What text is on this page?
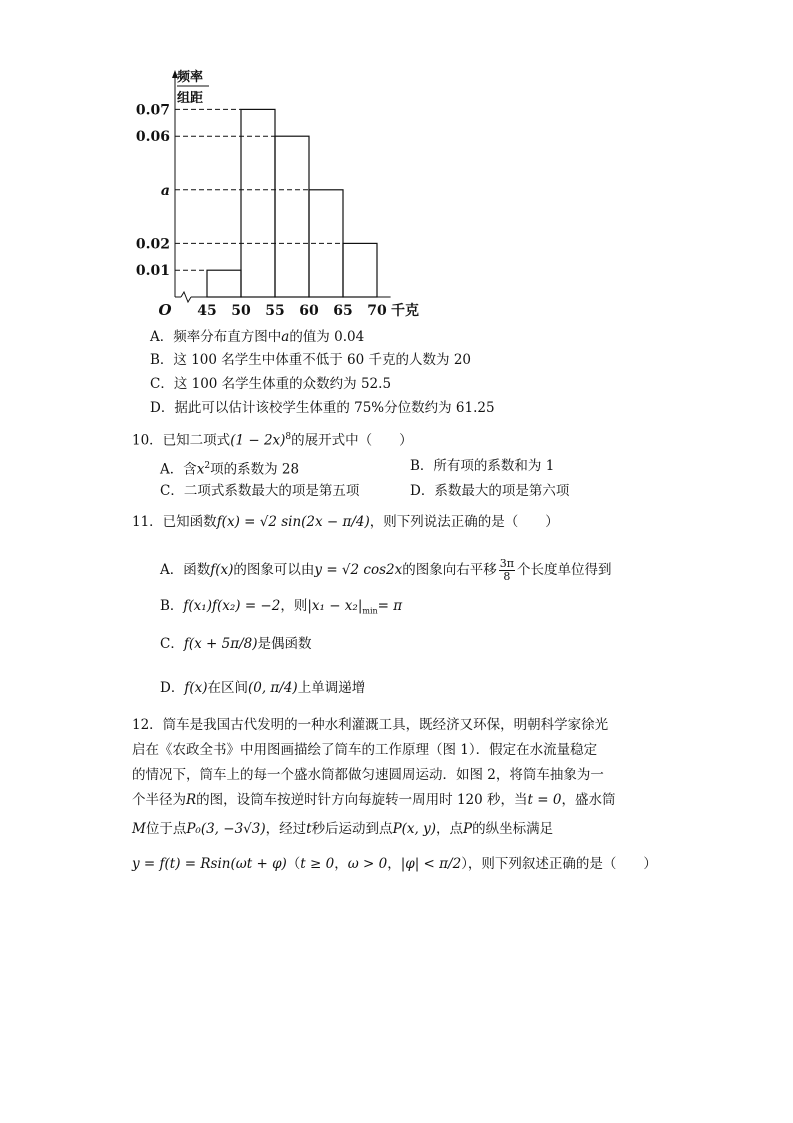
0.07
0.06
a
0.02
0.01
45 50 55 60 65 70 千克
O
频率
组距
A．频率分布直方图中a的值为 0.04
B．这 100 名学生中体重不低于 60 千克的人数为 20
C．这 100 名学生体重的众数约为 52.5
D．据此可以估计该校学生体重的 75%分位数约为 61.25
10．已知二项式$(1 - 2x)^8$的展开式中（　　）
A．含$x^2$项的系数为 28	B．所有项的系数和为 1
C．二项式系数最大的项是第五项	D．系数最大的项是第六项
11．已知函数f(x) = √2 sin(2x − π/4)，则下列说法正确的是（　　）
A．函数f(x)的图象可以由y = √2 cos2x的图象向右平移 $\frac{3\pi}{8}$ 个长度单位得到
B．f(x₁)f(x₂) = −2，则$|x_1 - x_2|_{min}= \pi$
C．f(x + 5π/8)是偶函数
D．f(x)在区间(0, π/4)上单调递增
12．筒车是我国古代发明的一种水利灌溉工具，既经济又环保，明朝科学家徐光
启在《农政全书》中用图画描绘了筒车的工作原理（图 1）．假定在水流量稳定
的情况下，筒车上的每一个盛水筒都做匀速圆周运动．如图 2，将筒车抽象为一
个半径为R的图，设筒车按逆时针方向每旋转一周用时 120 秒，当t = 0，盛水筒
M位于点P₀(3, −3√3)，经过t秒后运动到点P(x, y)，点P的纵坐标满足
y = f(t) = Rsin(ωt + φ)（t ≥ 0，ω > 0，|φ| < π/2），则下列叙述正确的是（　　）
